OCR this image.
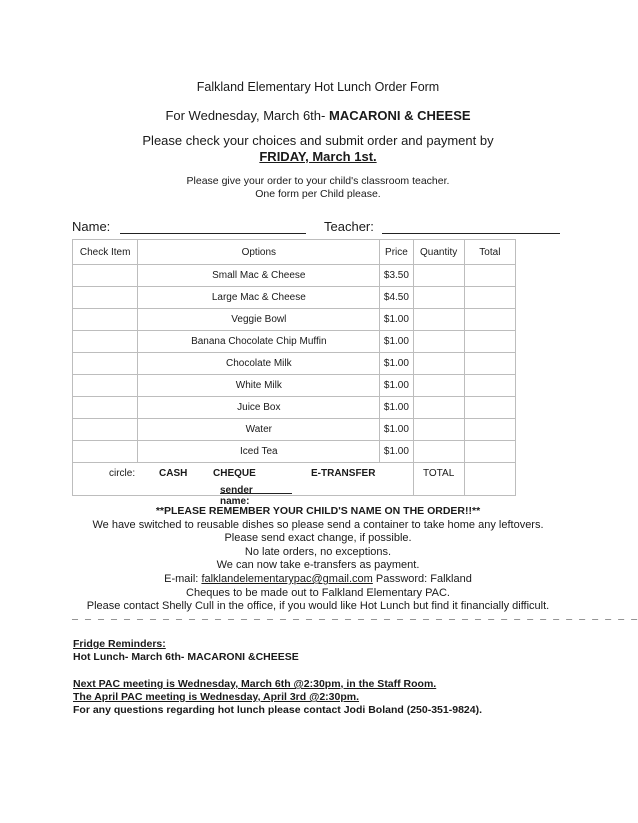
Falkland Elementary Hot Lunch Order Form
For Wednesday, March 6th- MACARONI & CHEESE
Please check your choices and submit order and payment by
FRIDAY, March 1st.
Please give your order to your child's classroom teacher.
One form per Child please.
Name:	Teacher:
Check Item	Options	Price	Quantity	Total
	Small Mac & Cheese	$3.50		
	Large Mac & Cheese	$4.50		
	Veggie Bowl	$1.00		
	Banana Chocolate Chip Muffin	$1.00		
	Chocolate Milk	$1.00		
	White Milk	$1.00		
	Juice Box	$1.00		
	Water	$1.00		
	Iced Tea	$1.00		

circle: CASH CHEQUE E-TRANSFER
sender name:			TOTAL	

**PLEASE REMEMBER YOUR CHILD'S NAME ON THE ORDER!!**
We have switched to reusable dishes so please send a container to take home any leftovers.
Please send exact change, if possible.
No late orders, no exceptions.
We can now take e-transfers as payment.
E-mail: falklandelementarypac@gmail.com Password: Falkland
Cheques to be made out to Falkland Elementary PAC.
Please contact Shelly Cull in the office, if you would like Hot Lunch but find it financially difficult.
_ _ _ _ _ _ _ _ _ _ _ _ _ _ _ _ _ _ _ _ _ _ _ _ _ _ _ _ _ _ _ _ _ _ _ _ _ _ _ _ _ _ _ _
Fridge Reminders:
Hot Lunch- March 6th- MACARONI &CHEESE
Next PAC meeting is Wednesday, March 6th @2:30pm, in the Staff Room.
The April PAC meeting is Wednesday, April 3rd @2:30pm.
For any questions regarding hot lunch please contact Jodi Boland (250-351-9824).
